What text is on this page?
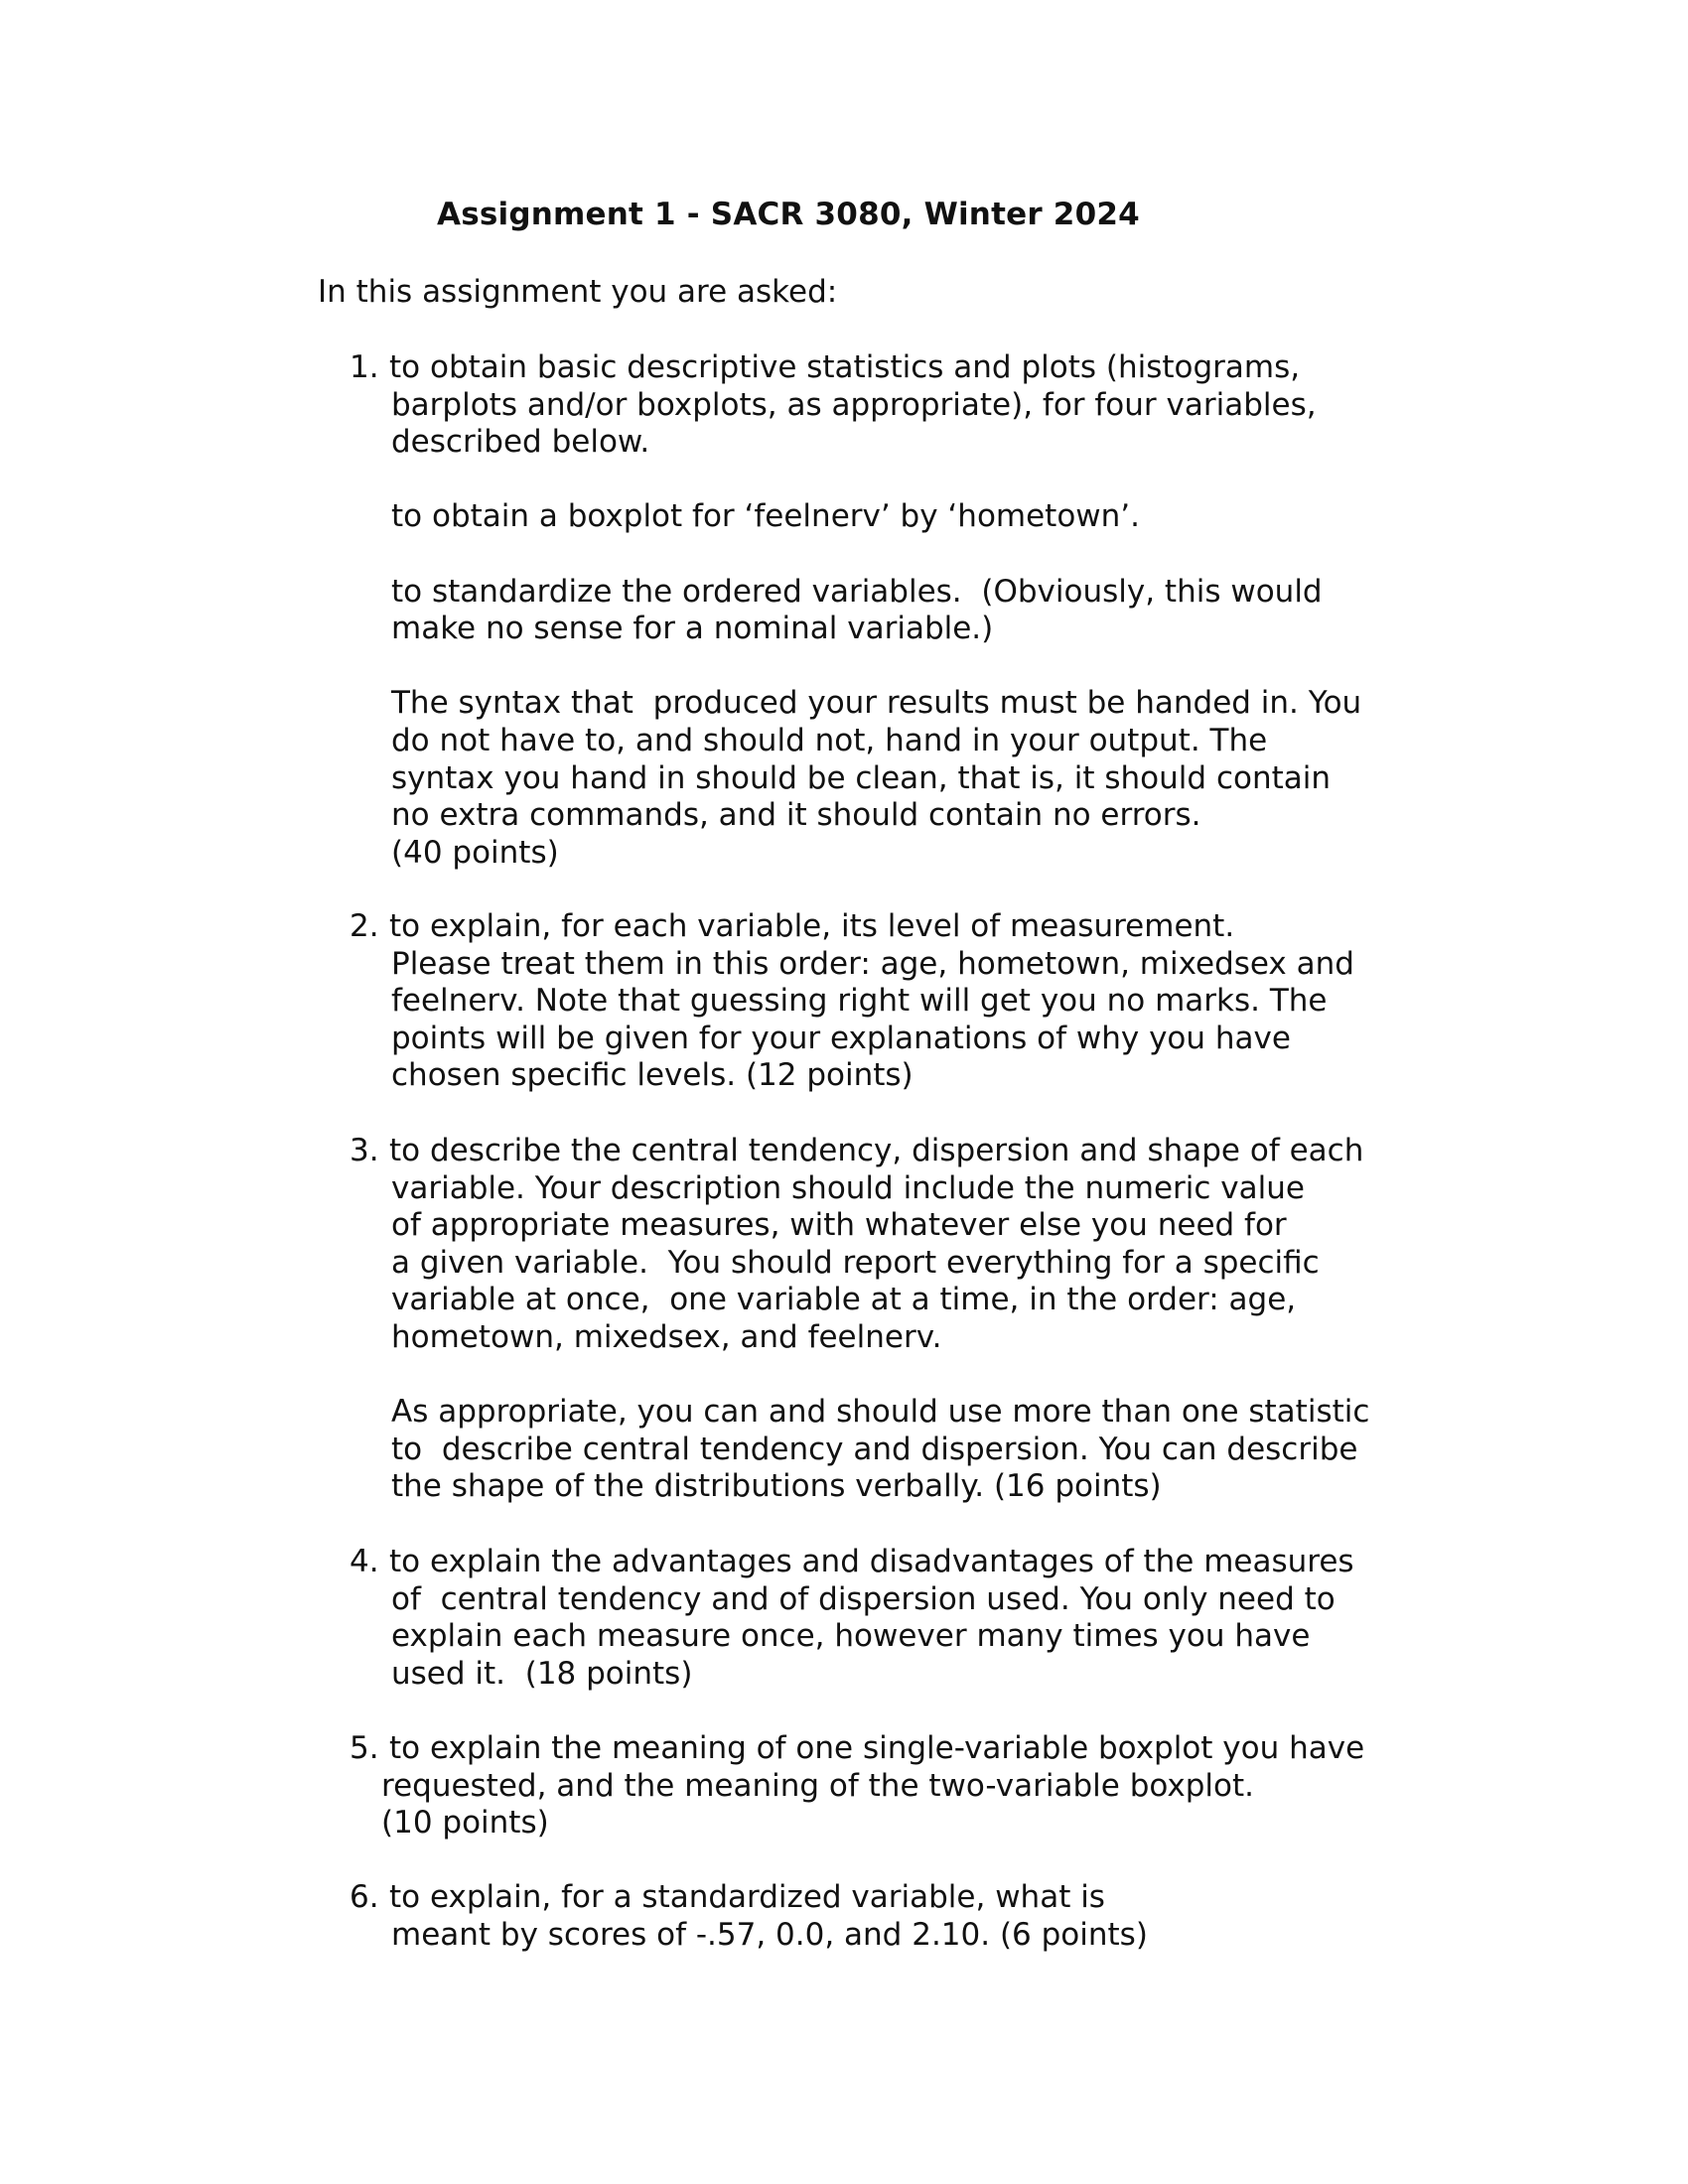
Assignment 1 - SACR 3080, Winter 2024
In this assignment you are asked:
1. to obtain basic descriptive statistics and plots (histograms,
barplots and/or boxplots, as appropriate), for four variables,
described below.
to obtain a boxplot for ‘feelnerv’ by ‘hometown’.
to standardize the ordered variables.  (Obviously, this would
make no sense for a nominal variable.)
The syntax that  produced your results must be handed in. You
do not have to, and should not, hand in your output. The
syntax you hand in should be clean, that is, it should contain
no extra commands, and it should contain no errors.
(40 points)
2. to explain, for each variable, its level of measurement.
Please treat them in this order: age, hometown, mixedsex and
feelnerv. Note that guessing right will get you no marks. The
points will be given for your explanations of why you have
chosen specific levels. (12 points)
3. to describe the central tendency, dispersion and shape of each
variable. Your description should include the numeric value
of appropriate measures, with whatever else you need for
a given variable.  You should report everything for a specific
variable at once,  one variable at a time, in the order: age,
hometown, mixedsex, and feelnerv.
As appropriate, you can and should use more than one statistic
to  describe central tendency and dispersion. You can describe
the shape of the distributions verbally. (16 points)
4. to explain the advantages and disadvantages of the measures
of  central tendency and of dispersion used. You only need to
explain each measure once, however many times you have
used it.  (18 points)
5. to explain the meaning of one single-variable boxplot you have
requested, and the meaning of the two-variable boxplot.
(10 points)
6. to explain, for a standardized variable, what is
meant by scores of -.57, 0.0, and 2.10. (6 points)
